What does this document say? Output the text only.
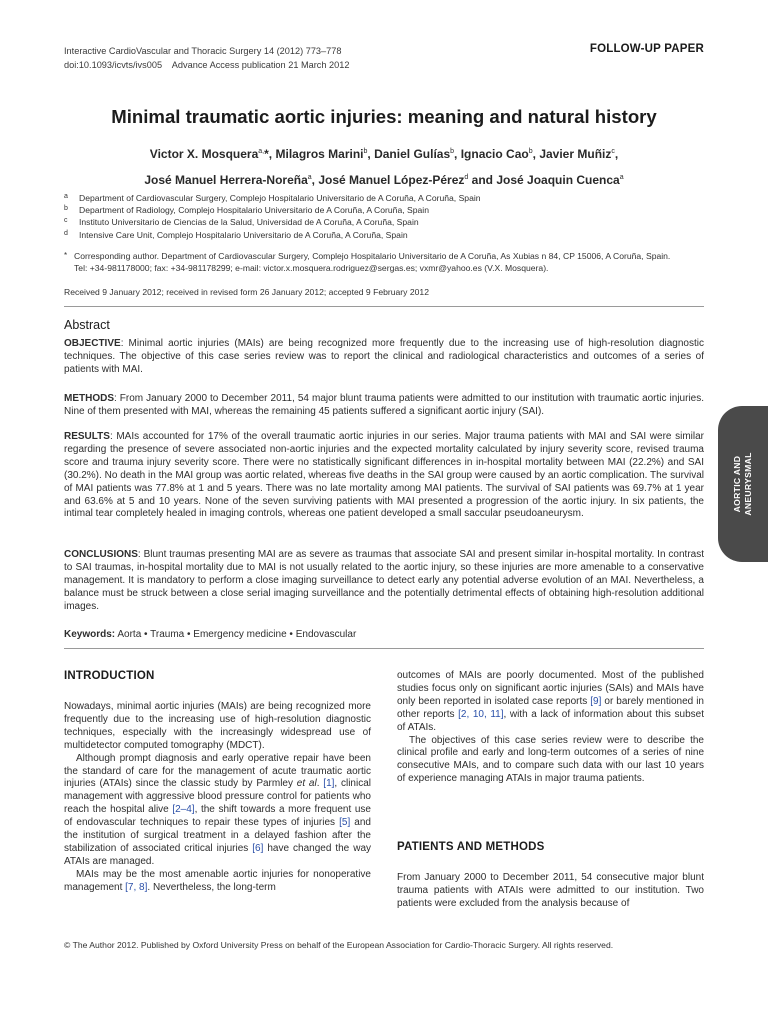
Interactive CardioVascular and Thoracic Surgery 14 (2012) 773–778
doi:10.1093/icvts/ivs005    Advance Access publication 21 March 2012
FOLLOW-UP PAPER
Minimal traumatic aortic injuries: meaning and natural history
Victor X. Mosquera$^{a,}$*, Milagros Marini$^b$, Daniel Gulías$^b$, Ignacio Cao$^b$, Javier Muñiz$^c$,
José Manuel Herrera-Noreña$^a$, José Manuel López-Pérez$^d$ and José Joaquin Cuenca$^a$
a	Department of Cardiovascular Surgery, Complejo Hospitalario Universitario de A Coruña, A Coruña, Spain
b	Department of Radiology, Complejo Hospitalario Universitario de A Coruña, A Coruña, Spain
c	Instituto Universitario de Ciencias de la Salud, Universidad de A Coruña, A Coruña, Spain
d	Intensive Care Unit, Complejo Hospitalario Universitario de A Coruña, A Coruña, Spain
* Corresponding author. Department of Cardiovascular Surgery, Complejo Hospitalario Universitario de A Coruña, As Xubias n 84, CP 15006, A Coruña, Spain.
Tel: +34-981178000; fax: +34-981178299; e-mail: victor.x.mosquera.rodriguez@sergas.es; vxmr@yahoo.es (V.X. Mosquera).
Received 9 January 2012; received in revised form 26 January 2012; accepted 9 February 2012
Abstract
OBJECTIVE: Minimal aortic injuries (MAIs) are being recognized more frequently due to the increasing use of high-resolution diagnostic techniques. The objective of this case series review was to report the clinical and radiological characteristics and outcomes of a series of patients with MAI.
METHODS: From January 2000 to December 2011, 54 major blunt trauma patients were admitted to our institution with traumatic aortic injuries. Nine of them presented with MAI, whereas the remaining 45 patients suffered a significant aortic injury (SAI).
RESULTS: MAIs accounted for 17% of the overall traumatic aortic injuries in our series. Major trauma patients with MAI and SAI were similar regarding the presence of severe associated non-aortic injuries and the expected mortality calculated by injury severity score, revised trauma score and trauma injury severity score. There were no statistically significant differences in in-hospital mortality between MAI (22.2%) and SAI (30.2%). No death in the MAI group was aortic related, whereas five deaths in the SAI group were caused by an aortic complication. The survival of MAI patients was 77.8% at 1 and 5 years. There was no late mortality among MAI patients. The survival of SAI patients was 69.7% at 1 year and 63.6% at 5 and 10 years. None of the seven surviving patients with MAI presented a progression of the aortic injury. In six patients, the intimal tear completely healed in imaging controls, whereas one patient developed a small saccular pseudoaneurysm.
CONCLUSIONS: Blunt traumas presenting MAI are as severe as traumas that associate SAI and present similar in-hospital mortality. In contrast to SAI traumas, in-hospital mortality due to MAI is not usually related to the aortic injury, so these injuries are more amenable to a conservative management. It is mandatory to perform a close imaging surveillance to detect early any potential adverse evolution of an MAI. Nevertheless, a balance must be struck between a close serial imaging surveillance and the potentially detrimental effects of obtaining high-resolution additional images.
Keywords: Aorta • Trauma • Emergency medicine • Endovascular
AORTIC AND ANEURYSMAL
INTRODUCTION

Nowadays, minimal aortic injuries (MAIs) are being recognized more frequently due to the increasing use of high-resolution diagnostic techniques, especially with the increasingly widespread use of multidetector computed tomography (MDCT).

Although prompt diagnosis and early operative repair have been the standard of care for the management of acute traumatic aortic injuries (ATAIs) since the classic study by Parmley et al. [1], clinical management with aggressive blood pressure control for patients who reach the hospital alive [2–4], the shift towards a more frequent use of endovascular techniques to repair these types of injuries [5] and the institution of surgical treatment in a delayed fashion after the stabilization of associated critical injuries [6] have changed the way ATAIs are managed.

MAIs may be the most amenable aortic injuries for nonoperative management [7, 8]. Nevertheless, the long-term

outcomes of MAIs are poorly documented. Most of the published studies focus only on significant aortic injuries (SAIs) and MAIs have only been reported in isolated case reports [9] or barely mentioned in other reports [2, 10, 11], with a lack of information about this subset of ATAIs.

The objectives of this case series review were to describe the clinical profile and early and long-term outcomes of a series of nine consecutive MAIs, and to compare such data with our last 10 years of experience managing ATAIs in major trauma patients.

PATIENTS AND METHODS

From January 2000 to December 2011, 54 consecutive major blunt trauma patients with ATAIs were admitted to our institution. Two patients were excluded from the analysis because of

© The Author 2012. Published by Oxford University Press on behalf of the European Association for Cardio-Thoracic Surgery. All rights reserved.
